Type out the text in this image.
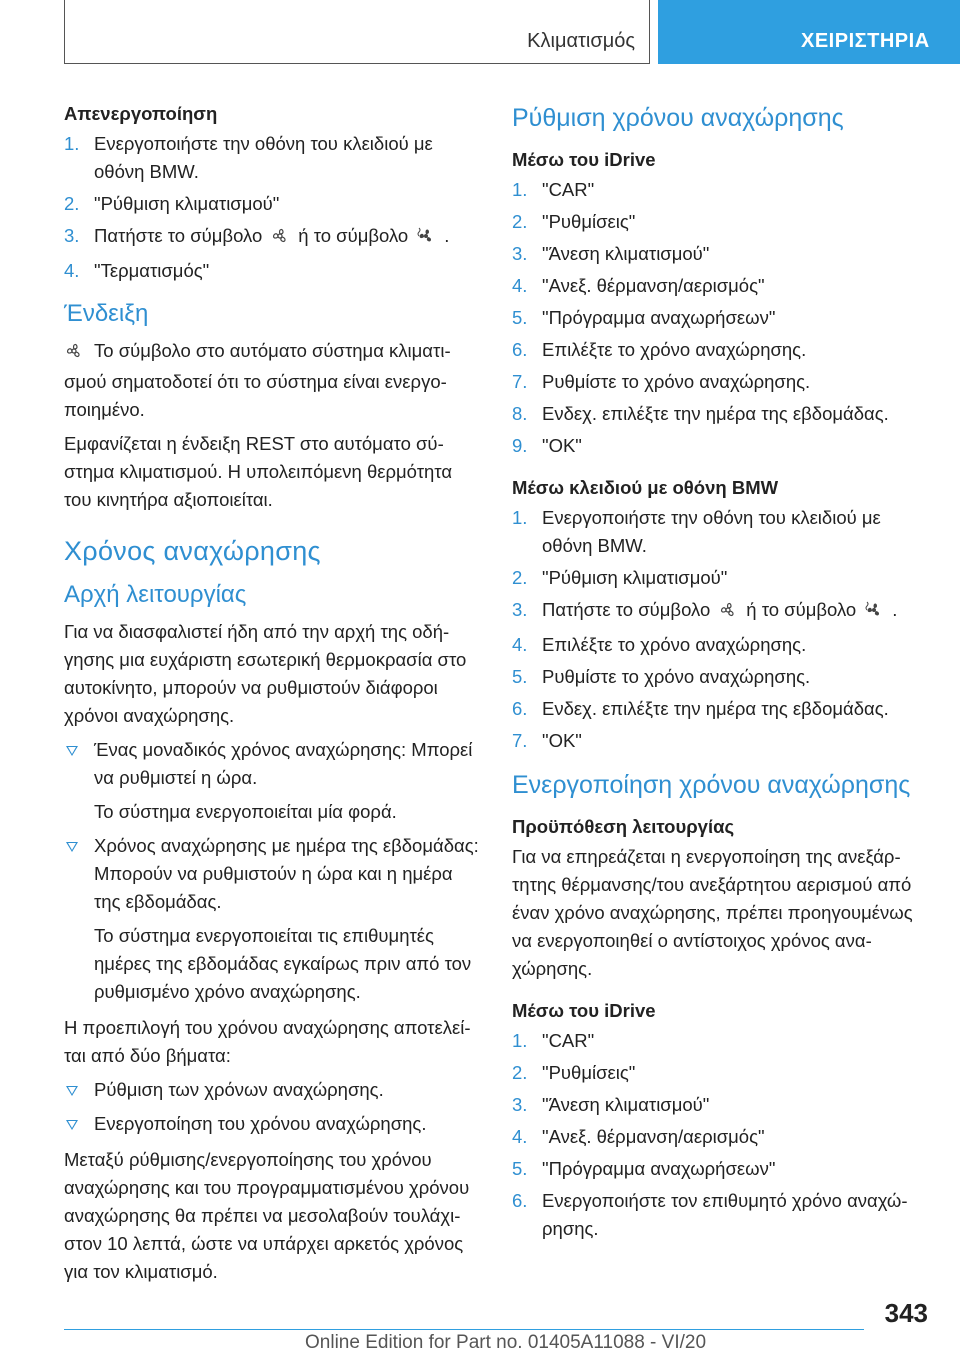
Κλιματισμός	ΧΕΙΡΙΣΤΗΡΙΑ
Απενεργοποίηση
1. Ενεργοποιήστε την οθόνη του κλειδιού με οθόνη BMW.
2. "Ρύθμιση κλιματισμού"
3. Πατήστε το σύμβολο ή το σύμβολο .
4. "Τερματισμός"
Ένδειξη

Το σύμβολο στο αυτόματο σύστημα κλιματισμού σηματοδοτεί ότι το σύστημα είναι ενεργοποιημένο.

Εμφανίζεται η ένδειξη REST στο αυτόματο σύστημα κλιματισμού. Η υπολειπόμενη θερμότητα του κινητήρα αξιοποιείται.

Χρόνος αναχώρησης
Αρχή λειτουργίας

Για να διασφαλιστεί ήδη από την αρχή της οδήγησης μια ευχάριστη εσωτερική θερμοκρασία στο αυτοκίνητο, μπορούν να ρυθμιστούν διάφοροι χρόνοι αναχώρησης.

Ένας μοναδικός χρόνος αναχώρησης: Μπορεί να ρυθμιστεί η ώρα.
Το σύστημα ενεργοποιείται μία φορά.
Χρόνος αναχώρησης με ημέρα της εβδομάδας: Μπορούν να ρυθμιστούν η ώρα και η ημέρα της εβδομάδας.
Το σύστημα ενεργοποιείται τις επιθυμητές ημέρες της εβδομάδας εγκαίρως πριν από τον ρυθμισμένο χρόνο αναχώρησης.

Η προεπιλογή του χρόνου αναχώρησης αποτελείται από δύο βήματα:

Ρύθμιση των χρόνων αναχώρησης.
Ενεργοποίηση του χρόνου αναχώρησης.

Μεταξύ ρύθμισης/ενεργοποίησης του χρόνου αναχώρησης και του προγραμματισμένου χρόνου αναχώρησης θα πρέπει να μεσολαβούν τουλάχιστον 10 λεπτά, ώστε να υπάρχει αρκετός χρόνος για τον κλιματισμό.

Ρύθμιση χρόνου αναχώρησης
Μέσω του iDrive
1. "CAR"
2. "Ρυθμίσεις"
3. "Άνεση κλιματισμού"
4. "Ανεξ. θέρμανση/αερισμός"
5. "Πρόγραμμα αναχωρήσεων"
6. Επιλέξτε το χρόνο αναχώρησης.
7. Ρυθμίστε το χρόνο αναχώρησης.
8. Ενδεχ. επιλέξτε την ημέρα της εβδομάδας.
9. "OK"
Μέσω κλειδιού με οθόνη BMW
1. Ενεργοποιήστε την οθόνη του κλειδιού με οθόνη BMW.
2. "Ρύθμιση κλιματισμού"
3. Πατήστε το σύμβολο ή το σύμβολο .
4. Επιλέξτε το χρόνο αναχώρησης.
5. Ρυθμίστε το χρόνο αναχώρησης.
6. Ενδεχ. επιλέξτε την ημέρα της εβδομάδας.
7. "OK"
Ενεργοποίηση χρόνου αναχώρησης
Προϋπόθεση λειτουργίας

Για να επηρεάζεται η ενεργοποίηση της ανεξάρτητης θέρμανσης/του ανεξάρτητου αερισμού από έναν χρόνο αναχώρησης, πρέπει προηγουμένως να ενεργοποιηθεί ο αντίστοιχος χρόνος αναχώρησης.

Μέσω του iDrive
1. "CAR"
2. "Ρυθμίσεις"
3. "Άνεση κλιματισμού"
4. "Ανεξ. θέρμανση/αερισμός"
5. "Πρόγραμμα αναχωρήσεων"
6. Ενεργοποιήστε τον επιθυμητό χρόνο αναχώρησης.
343
Online Edition for Part no. 01405A11088 - VI/20
